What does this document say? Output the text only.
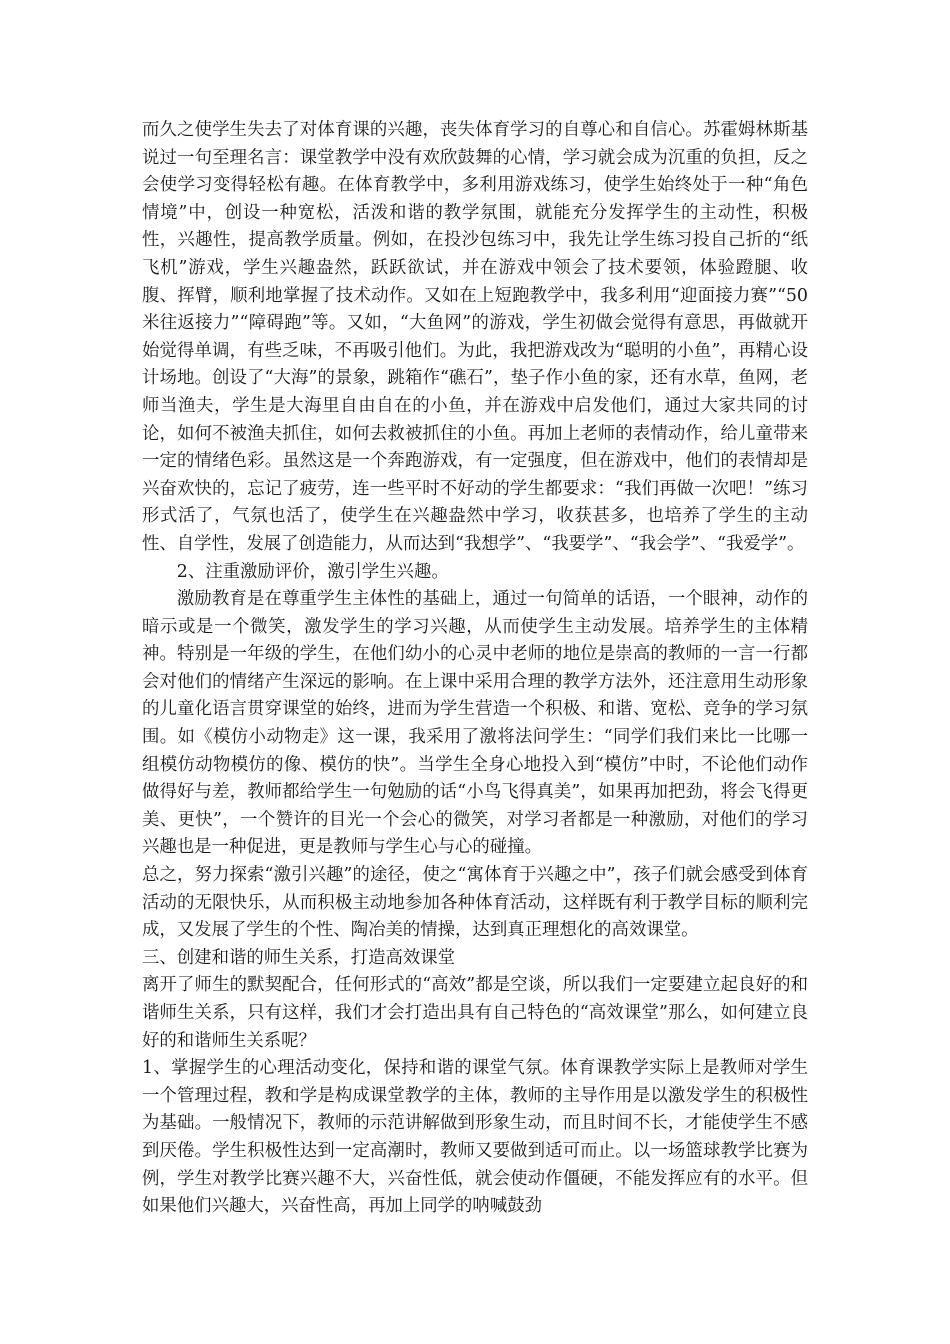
而久之使学生失去了对体育课的兴趣，丧失体育学习的自尊心和自信心。苏霍姆林斯基说过一句至理名言：课堂教学中没有欢欣鼓舞的心情，学习就会成为沉重的负担，反之会使学习变得轻松有趣。在体育教学中，多利用游戏练习，使学生始终处于一种“角色情境”中，创设一种宽松，活泼和谐的教学氛围，就能充分发挥学生的主动性，积极性，兴趣性，提高教学质量。例如，在投沙包练习中，我先让学生练习投自己折的“纸飞机”游戏，学生兴趣盎然，跃跃欲试，并在游戏中领会了技术要领，体验蹬腿、收腹、挥臂，顺利地掌握了技术动作。又如在上短跑教学中，我多利用“迎面接力赛”“50米往返接力”“障碍跑”等。又如，“大鱼网”的游戏，学生初做会觉得有意思，再做就开始觉得单调，有些乏味，不再吸引他们。为此，我把游戏改为“聪明的小鱼”，再精心设计场地。创设了“大海”的景象，跳箱作“礁石”，垫子作小鱼的家，还有水草，鱼网，老师当渔夫，学生是大海里自由自在的小鱼，并在游戏中启发他们，通过大家共同的讨论，如何不被渔夫抓住，如何去救被抓住的小鱼。再加上老师的表情动作，给儿童带来一定的情绪色彩。虽然这是一个奔跑游戏，有一定强度，但在游戏中，他们的表情却是兴奋欢快的，忘记了疲劳，连一些平时不好动的学生都要求：“我们再做一次吧！”练习形式活了，气氛也活了，使学生在兴趣盎然中学习，收获甚多，也培养了学生的主动性、自学性，发展了创造能力，从而达到“我想学”、“我要学”、“我会学”、“我爱学”。

2、注重激励评价，激引学生兴趣。

激励教育是在尊重学生主体性的基础上，通过一句简单的话语，一个眼神，动作的暗示或是一个微笑，激发学生的学习兴趣，从而使学生主动发展。培养学生的主体精神。特别是一年级的学生，在他们幼小的心灵中老师的地位是崇高的教师的一言一行都会对他们的情绪产生深远的影响。在上课中采用合理的教学方法外，还注意用生动形象的儿童化语言贯穿课堂的始终，进而为学生营造一个积极、和谐、宽松、竞争的学习氛围。如《模仿小动物走》这一课，我采用了激将法问学生：“同学们我们来比一比哪一组模仿动物模仿的像、模仿的快”。当学生全身心地投入到“模仿”中时，不论他们动作做得好与差，教师都给学生一句勉励的话“小鸟飞得真美”，如果再加把劲，将会飞得更美、更快”，一个赞许的目光一个会心的微笑，对学习者都是一种激励，对他们的学习兴趣也是一种促进，更是教师与学生心与心的碰撞。

总之，努力探索“激引兴趣”的途径，使之“寓体育于兴趣之中”，孩子们就会感受到体育活动的无限快乐，从而积极主动地参加各种体育活动，这样既有利于教学目标的顺利完成，又发展了学生的个性、陶冶美的情操，达到真正理想化的高效课堂。

三、创建和谐的师生关系，打造高效课堂

离开了师生的默契配合，任何形式的“高效”都是空谈，所以我们一定要建立起良好的和谐师生关系，只有这样，我们才会打造出具有自己特色的“高效课堂”那么，如何建立良好的和谐师生关系呢？

1、掌握学生的心理活动变化，保持和谐的课堂气氛。体育课教学实际上是教师对学生一个管理过程，教和学是构成课堂教学的主体，教师的主导作用是以激发学生的积极性为基础。一般情况下，教师的示范讲解做到形象生动，而且时间不长，才能使学生不感到厌倦。学生积极性达到一定高潮时，教师又要做到适可而止。以一场篮球教学比赛为例，学生对教学比赛兴趣不大，兴奋性低，就会使动作僵硬，不能发挥应有的水平。但如果他们兴趣大，兴奋性高，再加上同学的呐喊鼓劲
